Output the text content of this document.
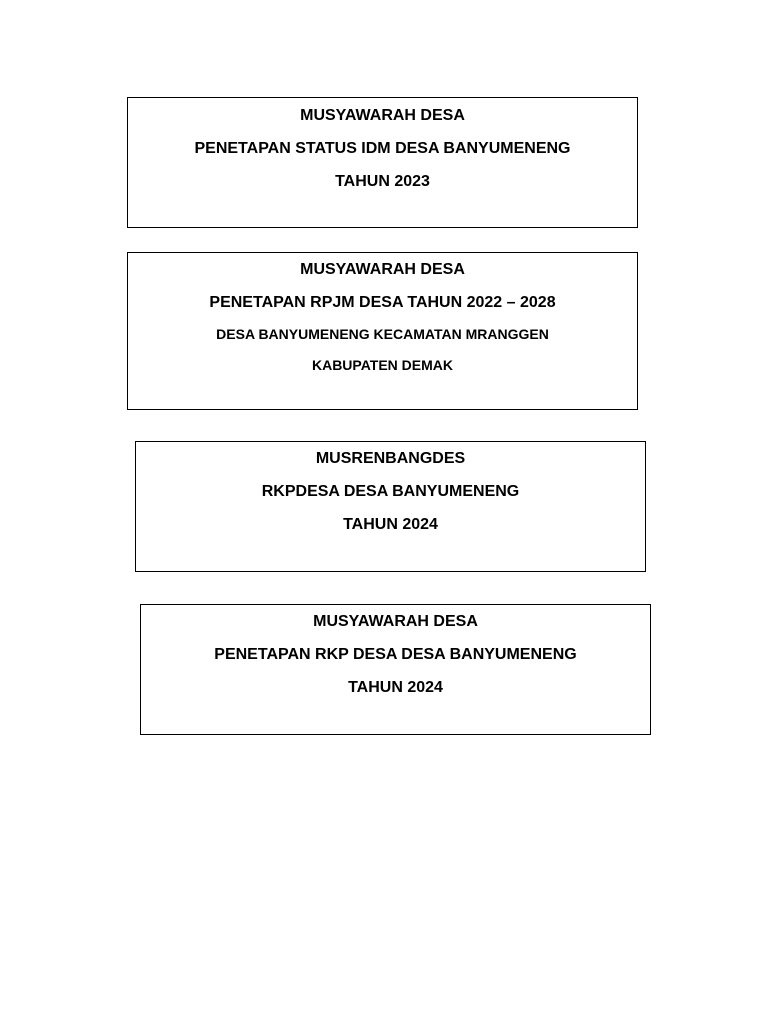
MUSYAWARAH DESA
PENETAPAN STATUS IDM DESA BANYUMENENG
TAHUN 2023
MUSYAWARAH DESA
PENETAPAN RPJM DESA TAHUN 2022 – 2028
DESA BANYUMENENG KECAMATAN MRANGGEN
KABUPATEN DEMAK
MUSRENBANGDES
RKPDESA DESA BANYUMENENG
TAHUN 2024
MUSYAWARAH DESA
PENETAPAN RKP DESA DESA BANYUMENENG
TAHUN 2024
